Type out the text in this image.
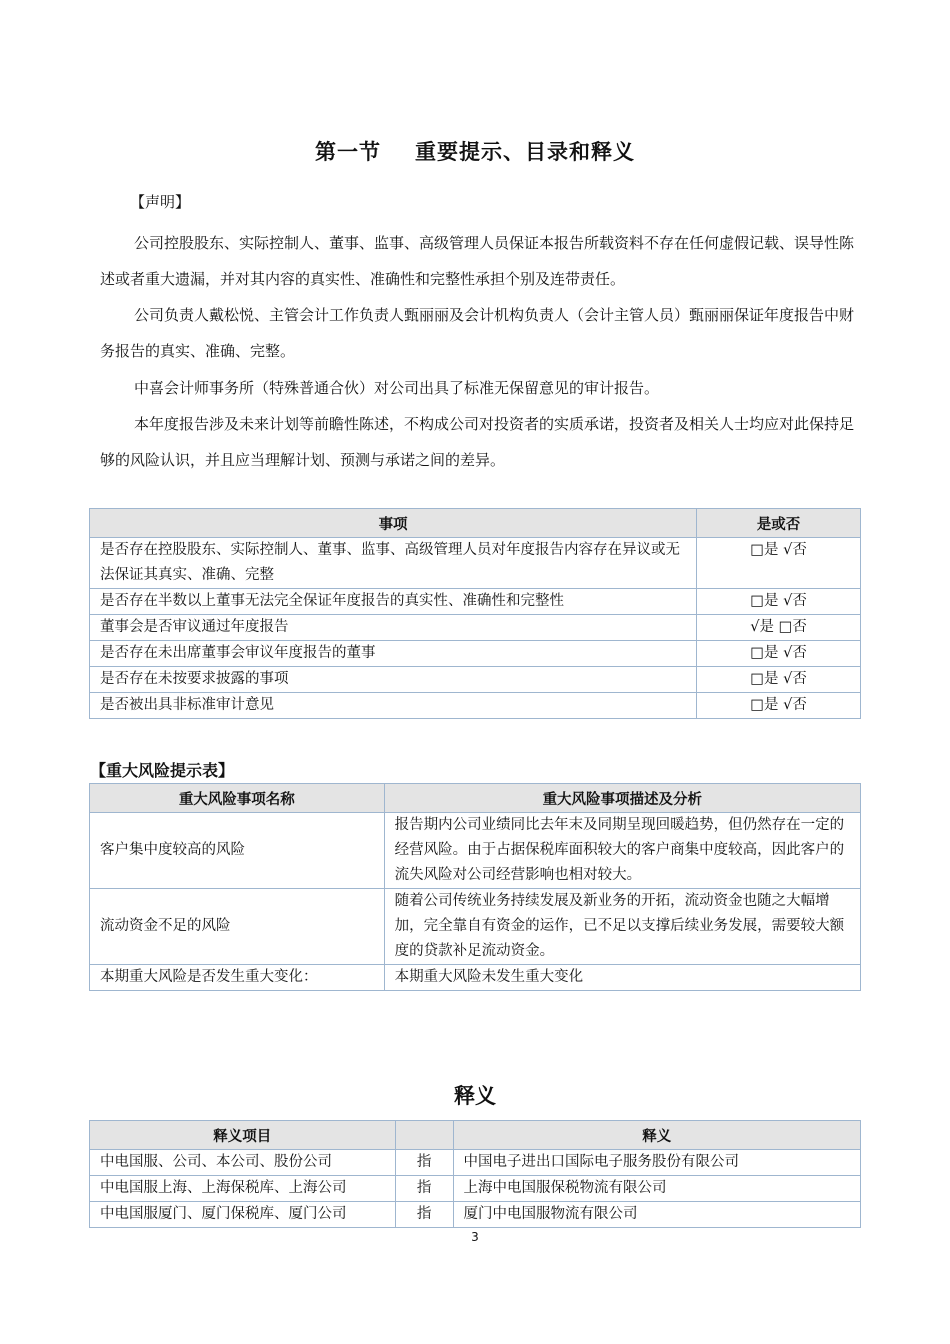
第一节 重要提示、目录和释义
【声明】
公司控股股东、实际控制人、董事、监事、高级管理人员保证本报告所载资料不存在任何虚假记载、误导性陈述或者重大遗漏，并对其内容的真实性、准确性和完整性承担个别及连带责任。
公司负责人戴松悦、主管会计工作负责人甄丽丽及会计机构负责人（会计主管人员）甄丽丽保证年度报告中财务报告的真实、准确、完整。
中喜会计师事务所（特殊普通合伙）对公司出具了标准无保留意见的审计报告。
本年度报告涉及未来计划等前瞻性陈述，不构成公司对投资者的实质承诺，投资者及相关人士均应对此保持足够的风险认识，并且应当理解计划、预测与承诺之间的差异。
事项	是或否
是否存在控股股东、实际控制人、董事、监事、高级管理人员对年度报告内容存在异议或无法保证其真实、准确、完整	□是 √否
是否存在半数以上董事无法完全保证年度报告的真实性、准确性和完整性	□是 √否
董事会是否审议通过年度报告	√是 □否
是否存在未出席董事会审议年度报告的董事	□是 √否
是否存在未按要求披露的事项	□是 √否
是否被出具非标准审计意见	□是 √否
【重大风险提示表】
重大风险事项名称	重大风险事项描述及分析
客户集中度较高的风险	报告期内公司业绩同比去年末及同期呈现回暖趋势，但仍然存在一定的经营风险。由于占据保税库面积较大的客户商集中度较高，因此客户的流失风险对公司经营影响也相对较大。
流动资金不足的风险	随着公司传统业务持续发展及新业务的开拓，流动资金也随之大幅增加，完全靠自有资金的运作，已不足以支撑后续业务发展，需要较大额度的贷款补足流动资金。
本期重大风险是否发生重大变化：	本期重大风险未发生重大变化
释义
释义项目		释义
中电国服、公司、本公司、股份公司	指	中国电子进出口国际电子服务股份有限公司
中电国服上海、上海保税库、上海公司	指	上海中电国服保税物流有限公司
中电国服厦门、厦门保税库、厦门公司	指	厦门中电国服物流有限公司
3
